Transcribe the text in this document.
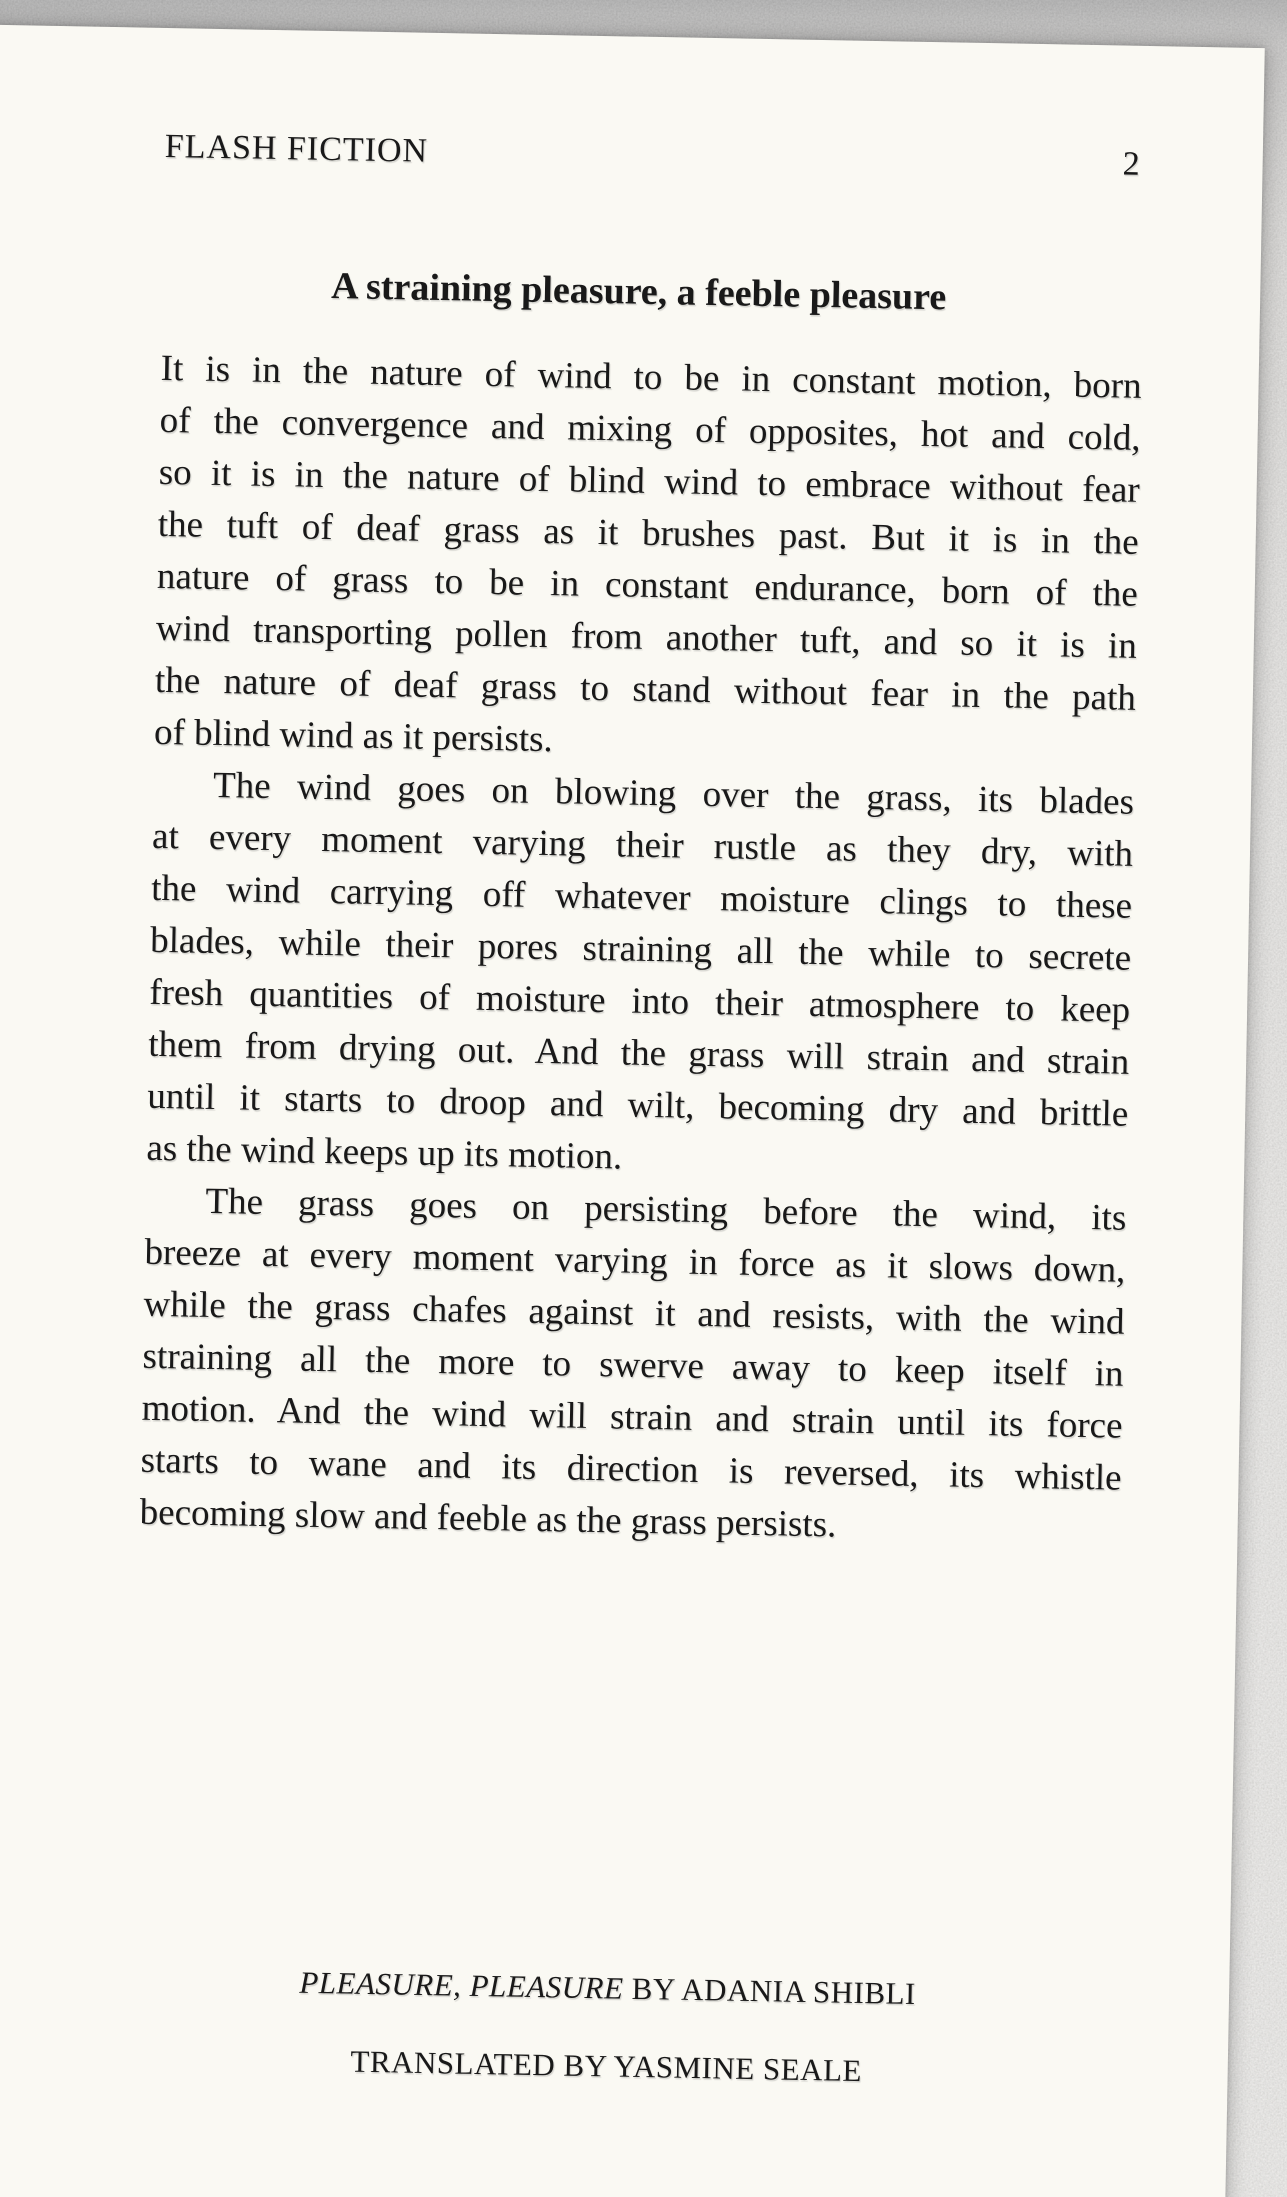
FLASH FICTION	2
A straining pleasure, a feeble pleasure
It is in the nature of wind to be in constant motion, born
of the convergence and mixing of opposites, hot and cold,
so it is in the nature of blind wind to embrace without fear
the tuft of deaf grass as it brushes past. But it is in the
nature of grass to be in constant endurance, born of the
wind transporting pollen from another tuft, and so it is in
the nature of deaf grass to stand without fear in the path
of blind wind as it persists.
The wind goes on blowing over the grass, its blades
at every moment varying their rustle as they dry, with
the wind carrying off whatever moisture clings to these
blades, while their pores straining all the while to secrete
fresh quantities of moisture into their atmosphere to keep
them from drying out. And the grass will strain and strain
until it starts to droop and wilt, becoming dry and brittle
as the wind keeps up its motion.
The grass goes on persisting before the wind, its
breeze at every moment varying in force as it slows down,
while the grass chafes against it and resists, with the wind
straining all the more to swerve away to keep itself in
motion. And the wind will strain and strain until its force
starts to wane and its direction is reversed, its whistle
becoming slow and feeble as the grass persists.
PLEASURE, PLEASURE BY ADANIA SHIBLI
TRANSLATED BY YASMINE SEALE
